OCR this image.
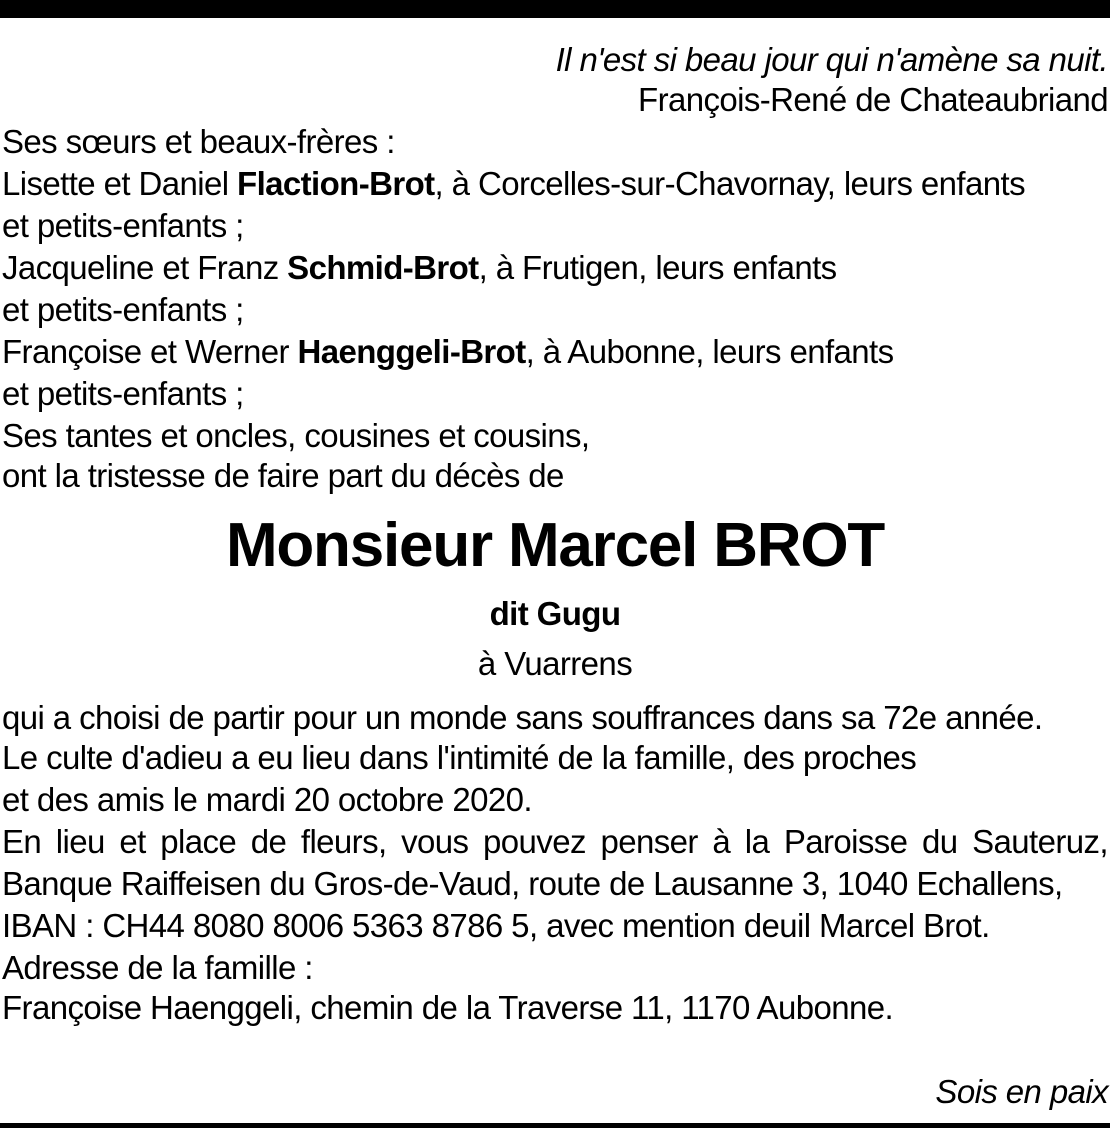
Il n'est si beau jour qui n'amène sa nuit.
François-René de Chateaubriand
Ses sœurs et beaux-frères :
Lisette et Daniel Flaction-Brot, à Corcelles-sur-Chavornay, leurs enfants
et petits-enfants ;
Jacqueline et Franz Schmid-Brot, à Frutigen, leurs enfants
et petits-enfants ;
Françoise et Werner Haenggeli-Brot, à Aubonne, leurs enfants
et petits-enfants ;
Ses tantes et oncles, cousines et cousins,
ont la tristesse de faire part du décès de
Monsieur Marcel BROT
dit Gugu
à Vuarrens
qui a choisi de partir pour un monde sans souffrances dans sa 72e année.
Le culte d'adieu a eu lieu dans l'intimité de la famille, des proches
et des amis le mardi 20 octobre 2020.
En lieu et place de fleurs, vous pouvez penser à la Paroisse du Sauteruz,
Banque Raiffeisen du Gros-de-Vaud, route de Lausanne 3, 1040 Echallens,
IBAN : CH44 8080 8006 5363 8786 5, avec mention deuil Marcel Brot.
Adresse de la famille :
Françoise Haenggeli, chemin de la Traverse 11, 1170 Aubonne.
Sois en paix
